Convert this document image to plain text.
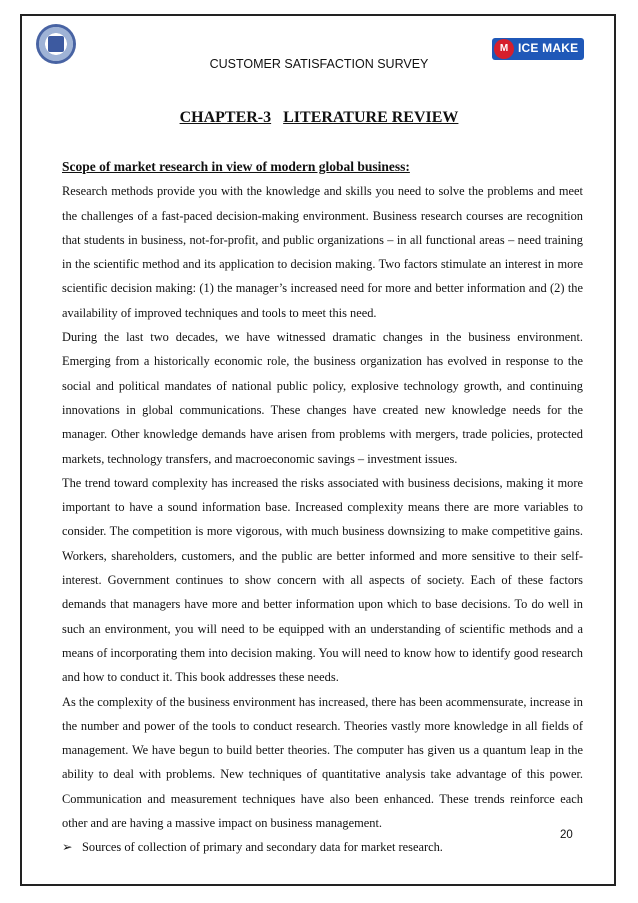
CUSTOMER SATISFACTION SURVEY
M ICE MAKE
CHAPTER-3 LITERATURE REVIEW
Scope of market research in view of modern global business:

Research methods provide you with the knowledge and skills you need to solve the problems and meet the challenges of a fast-paced decision-making environment. Business research courses are recognition that students in business, not-for-profit, and public organizations – in all functional areas – need training in the scientific method and its application to decision making. Two factors stimulate an interest in more scientific decision making: (1) the manager’s increased need for more and better information and (2) the availability of improved techniques and tools to meet this need.

During the last two decades, we have witnessed dramatic changes in the business environment. Emerging from a historically economic role, the business organization has evolved in response to the social and political mandates of national public policy, explosive technology growth, and continuing innovations in global communications. These changes have created new knowledge needs for the manager. Other knowledge demands have arisen from problems with mergers, trade policies, protected markets, technology transfers, and macroeconomic savings – investment issues.

The trend toward complexity has increased the risks associated with business decisions, making it more important to have a sound information base. Increased complexity means there are more variables to consider. The competition is more vigorous, with much business downsizing to make competitive gains. Workers, shareholders, customers, and the public are better informed and more sensitive to their self-interest. Government continues to show concern with all aspects of society. Each of these factors demands that managers have more and better information upon which to base decisions. To do well in such an environment, you will need to be equipped with an understanding of scientific methods and a means of incorporating them into decision making. You will need to know how to identify good research and how to conduct it. This book addresses these needs.

As the complexity of the business environment has increased, there has been acommensurate, increase in the number and power of the tools to conduct research. Theories vastly more knowledge in all fields of management. We have begun to build better theories. The computer has given us a quantum leap in the ability to deal with problems. New techniques of quantitative analysis take advantage of this power. Communication and measurement techniques have also been enhanced. These trends reinforce each other and are having a massive impact on business management.

➢ Sources of collection of primary and secondary data for market research.

20
